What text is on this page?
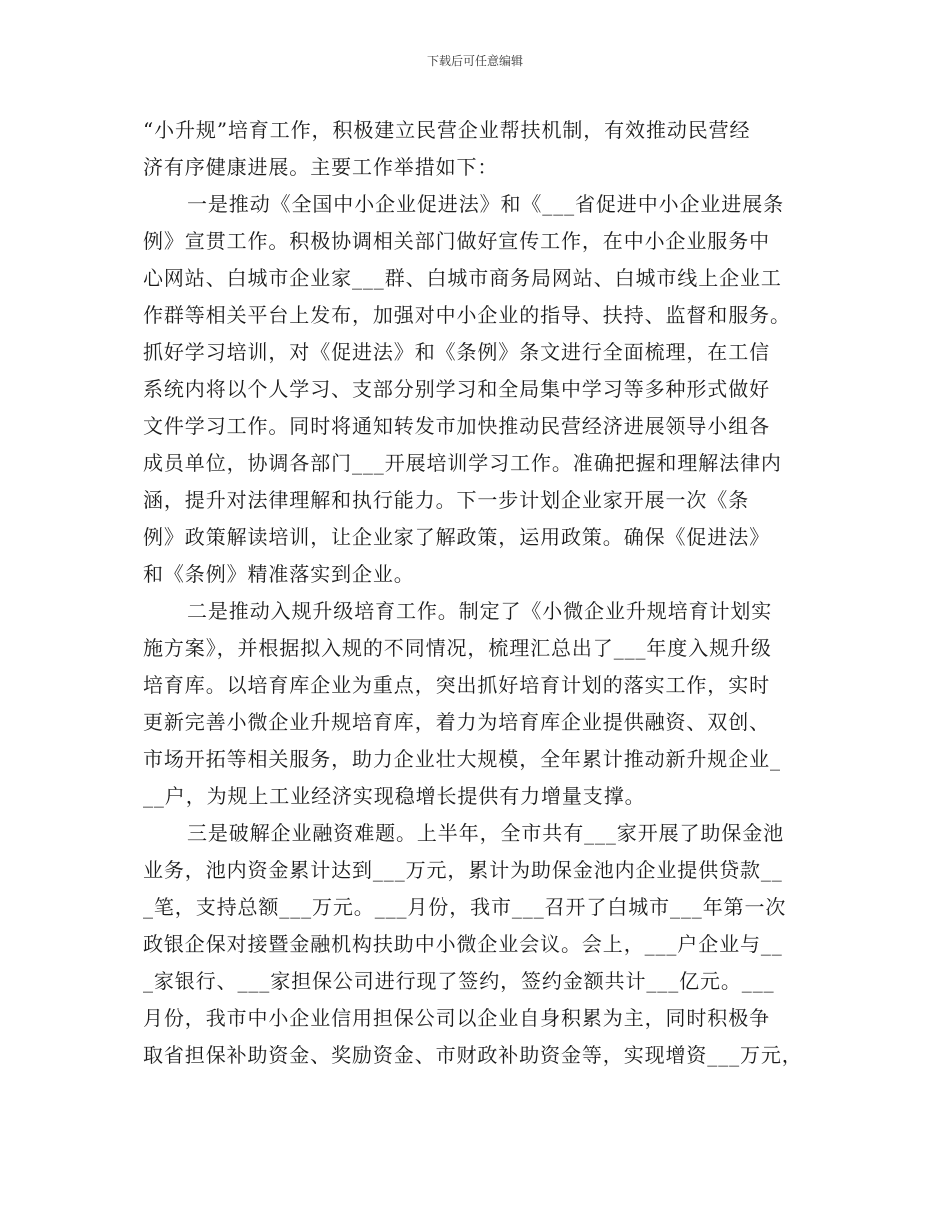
下载后可任意编辑
“小升规”培育工作，积极建立民营企业帮扶机制，有效推动民营经
济有序健康进展。主要工作举措如下：
一是推动《全国中小企业促进法》和《___省促进中小企业进展条
例》宣贯工作。积极协调相关部门做好宣传工作，在中小企业服务中
心网站、白城市企业家___群、白城市商务局网站、白城市线上企业工
作群等相关平台上发布，加强对中小企业的指导、扶持、监督和服务。
抓好学习培训，对《促进法》和《条例》条文进行全面梳理，在工信
系统内将以个人学习、支部分别学习和全局集中学习等多种形式做好
文件学习工作。同时将通知转发市加快推动民营经济进展领导小组各
成员单位，协调各部门___开展培训学习工作。准确把握和理解法律内
涵，提升对法律理解和执行能力。下一步计划企业家开展一次《条
例》政策解读培训，让企业家了解政策，运用政策。确保《促进法》
和《条例》精准落实到企业。
二是推动入规升级培育工作。制定了《小微企业升规培育计划实
施方案》，并根据拟入规的不同情况，梳理汇总出了___年度入规升级
培育库。以培育库企业为重点，突出抓好培育计划的落实工作，实时
更新完善小微企业升规培育库，着力为培育库企业提供融资、双创、
市场开拓等相关服务，助力企业壮大规模，全年累计推动新升规企业_
__户，为规上工业经济实现稳增长提供有力增量支撑。
三是破解企业融资难题。上半年，全市共有___家开展了助保金池
业务，池内资金累计达到___万元，累计为助保金池内企业提供贷款__
_笔，支持总额___万元。___月份，我市___召开了白城市___年第一次
政银企保对接暨金融机构扶助中小微企业会议。会上，___户企业与__
_家银行、___家担保公司进行现了签约，签约金额共计___亿元。___
月份，我市中小企业信用担保公司以企业自身积累为主，同时积极争
取省担保补助资金、奖励资金、市财政补助资金等，实现增资___万元，
